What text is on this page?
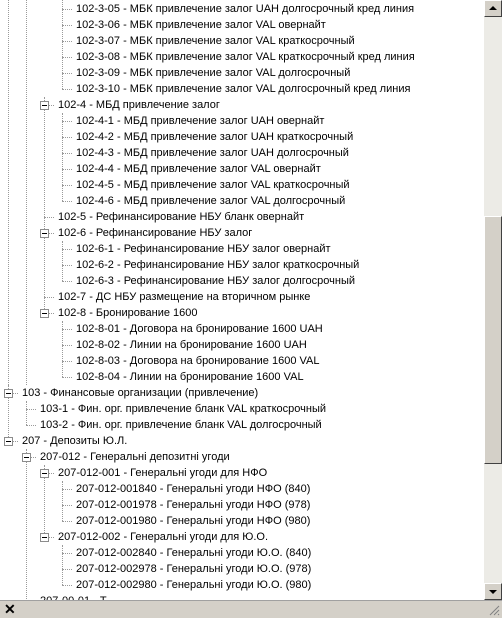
102-3-05 - МБК привлечение залог UAH долгосрочный кред линия
102-3-06 - МБК привлечение залог VAL овернайт
102-3-07 - МБК привлечение залог VAL краткосрочный
102-3-08 - МБК привлечение залог VAL краткосрочный кред линия
102-3-09 - МБК привлечение залог VAL долгосрочный
102-3-10 - МБК привлечение залог VAL долгосрочный кред линия
102-4 - МБД привлечение залог
102-4-1 - МБД привлечение залог UAH овернайт
102-4-2 - МБД привлечение залог UAH краткосрочный
102-4-3 - МБД привлечение залог UAH долгосрочный
102-4-4 - МБД привлечение залог VAL овернайт
102-4-5 - МБД привлечение залог VAL краткосрочный
102-4-6 - МБД привлечение залог VAL долгосрочный
102-5 - Рефинансирование НБУ бланк овернайт
102-6 - Рефинансирование НБУ залог
102-6-1 - Рефинансирование НБУ залог овернайт
102-6-2 - Рефинансирование НБУ залог краткосрочный
102-6-3 - Рефинансирование НБУ залог долгосрочный
102-7 - ДС НБУ размещение на вторичном рынке
102-8 - Бронирование 1600
102-8-01 - Договора на бронирование 1600 UAH
102-8-02 - Линии на бронирование 1600 UAH
102-8-03 - Договора на бронирование 1600 VAL
102-8-04 - Линии на бронирование 1600 VAL
103 - Финансовые организации (привлечение)
103-1 - Фин. орг. привлечение бланк VAL краткосрочный
103-2 - Фин. орг. привлечение бланк VAL долгосрочный
207 - Депозиты Ю.Л.
207-012 - Генеральні депозитні угоди
207-012-001 - Генеральні угоди для НФО
207-012-001840 - Генеральні угоди НФО (840)
207-012-001978 - Генеральні угоди НФО (978)
207-012-001980 - Генеральні угоди НФО (980)
207-012-002 - Генеральні угоди для Ю.О.
207-012-002840 - Генеральні угоди Ю.О. (840)
207-012-002978 - Генеральні угоди Ю.О. (978)
207-012-002980 - Генеральні угоди Ю.О. (980)
✕
